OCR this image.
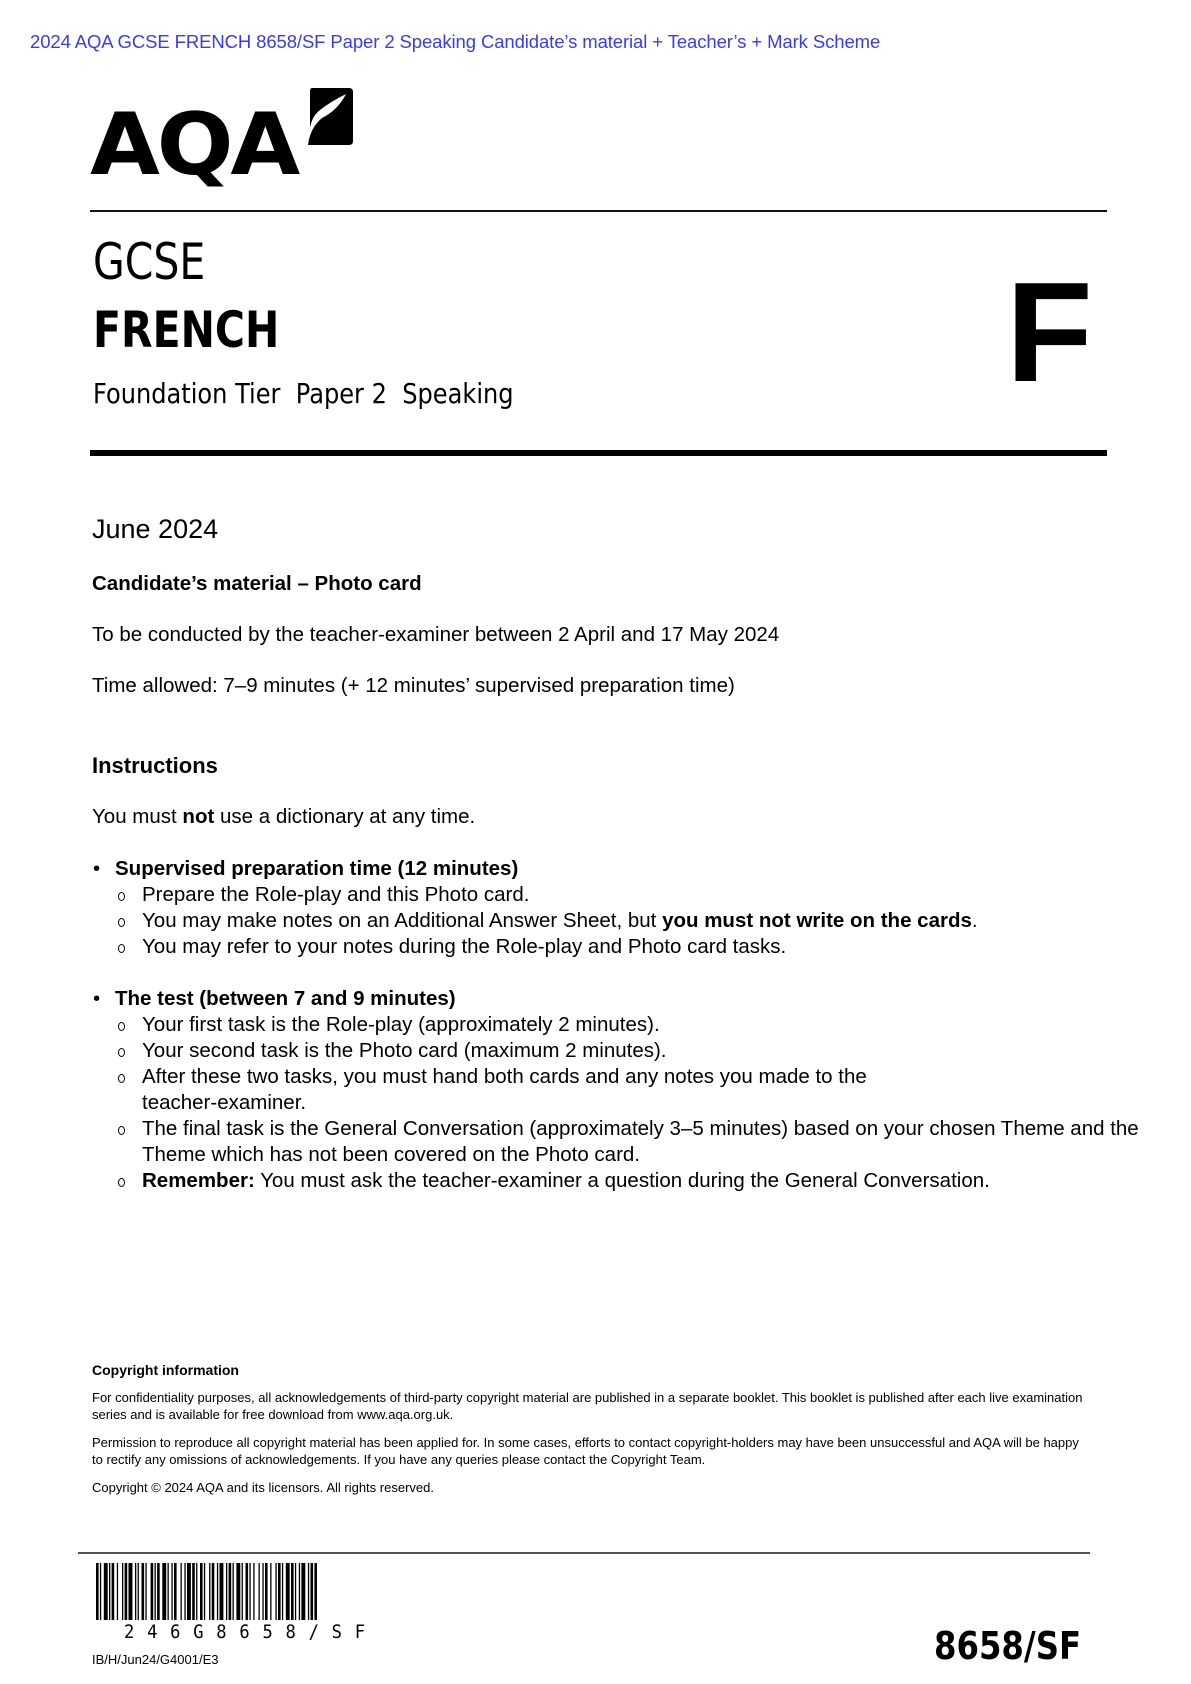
2024 AQA GCSE FRENCH 8658/SF Paper 2 Speaking Candidate’s material + Teacher’s + Mark Scheme
AQA
GCSE
FRENCH
Foundation Tier  Paper 2  Speaking	F
June 2024
Candidate’s material – Photo card
To be conducted by the teacher-examiner between 2 April and 17 May 2024
Time allowed: 7–9 minutes (+ 12 minutes’ supervised preparation time)
Instructions
You must not use a dictionary at any time.
• Supervised preparation time (12 minutes)
Prepare the Role-play and this Photo card.
You may make notes on an Additional Answer Sheet, but you must not write on the cards.
You may refer to your notes during the Role-play and Photo card tasks.
• The test (between 7 and 9 minutes)
Your first task is the Role-play (approximately 2 minutes).
Your second task is the Photo card (maximum 2 minutes).
After these two tasks, you must hand both cards and any notes you made to the teacher-examiner.
The final task is the General Conversation (approximately 3–5 minutes) based on your chosen Theme and the Theme which has not been covered on the Photo card.
Remember: You must ask the teacher-examiner a question during the General Conversation.
Copyright information
For confidentiality purposes, all acknowledgements of third-party copyright material are published in a separate booklet. This booklet is published after each live examination series and is available for free download from www.aqa.org.uk.
Permission to reproduce all copyright material has been applied for. In some cases, efforts to contact copyright-holders may have been unsuccessful and AQA will be happy to rectify any omissions of acknowledgements. If you have any queries please contact the Copyright Team.
Copyright © 2024 AQA and its licensors. All rights reserved.
246G8658/SF
IB/H/Jun24/G4001/E3	8658/SF
